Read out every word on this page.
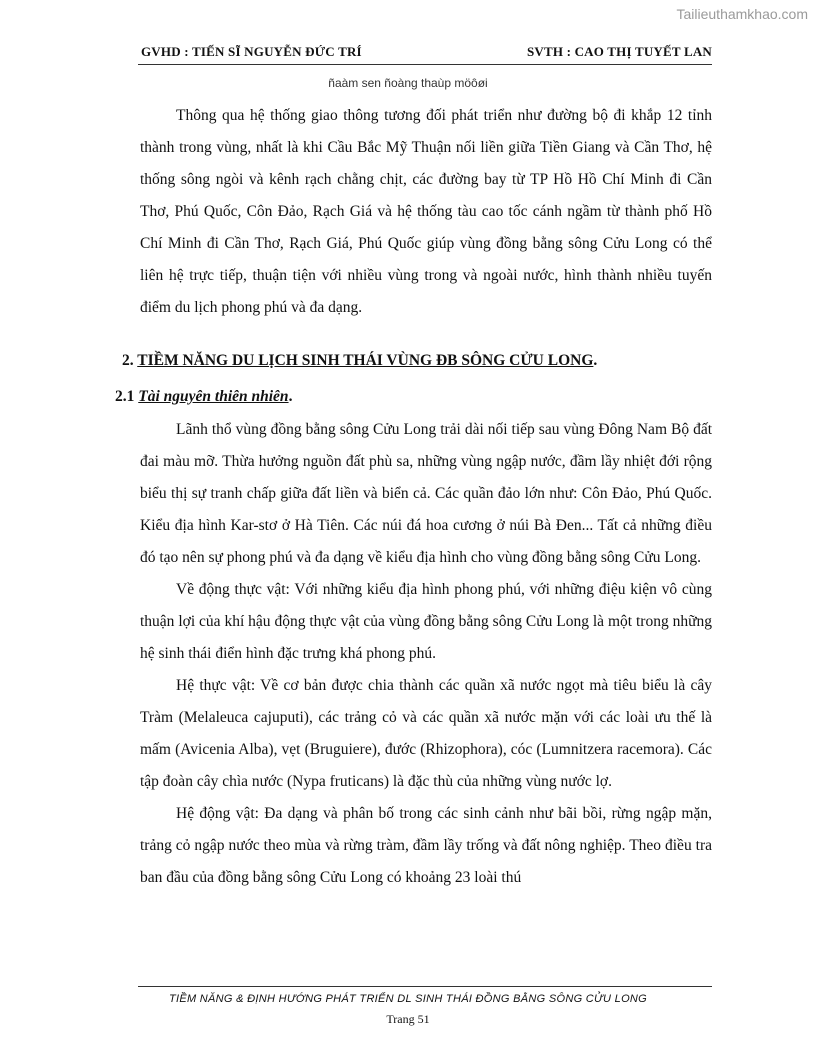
Tailieuthamkhao.com
GVHD : TIẾN SĨ NGUYỄN ĐỨC TRÍ	SVTH : CAO THỊ TUYẾT LAN
ñaàm sen ñoàng thaùp möôøi

Thông qua hệ thống giao thông tương đối phát triển như đường bộ đi khắp 12 tỉnh thành trong vùng, nhất là khi Cầu Bắc Mỹ Thuận nối liền giữa Tiền Giang và Cần Thơ, hệ thống sông ngòi và kênh rạch chằng chịt, các đường bay từ TP Hồ Hồ Chí Minh đi Cần Thơ, Phú Quốc, Côn Đảo, Rạch Giá và hệ thống tàu cao tốc cánh ngầm từ thành phố Hồ Chí Minh đi Cần Thơ, Rạch Giá, Phú Quốc giúp vùng đồng bằng sông Cửu Long có thể liên hệ trực tiếp, thuận tiện với nhiều vùng trong và ngoài nước, hình thành nhiều tuyến điểm du lịch phong phú và đa dạng.

2. TIỀM NĂNG DU LỊCH SINH THÁI VÙNG ĐB SÔNG CỬU LONG.
2.1 Tài nguyên thiên nhiên.

Lãnh thổ vùng đồng bằng sông Cửu Long trải dài nối tiếp sau vùng Đông Nam Bộ đất đai màu mỡ. Thừa hưởng nguồn đất phù sa, những vùng ngập nước, đầm lầy nhiệt đới rộng biểu thị sự tranh chấp giữa đất liền và biển cả. Các quần đảo lớn như: Côn Đảo, Phú Quốc. Kiểu địa hình Kar-stơ ở Hà Tiên. Các núi đá hoa cương ở núi Bà Đen... Tất cả những điều đó tạo nên sự phong phú và đa dạng về kiểu địa hình cho vùng đồng bằng sông Cửu Long.

Về động thực vật: Với những kiểu địa hình phong phú, với những điệu kiện vô cùng thuận lợi của khí hậu động thực vật của vùng đồng bằng sông Cửu Long là một trong những hệ sinh thái điển hình đặc trưng khá phong phú.

Hệ thực vật: Về cơ bản được chia thành các quần xã nước ngọt mà tiêu biểu là cây Tràm (Melaleuca cajuputi), các trảng cỏ và các quần xã nước mặn với các loài ưu thế là mấm (Avicenia Alba), vẹt (Bruguiere), đước (Rhizophora), cóc (Lumnitzera racemora). Các tập đoàn cây chìa nước (Nypa fruticans) là đặc thù của những vùng nước lợ.

Hệ động vật: Đa dạng và phân bố trong các sinh cảnh như bãi bồi, rừng ngập mặn, trảng cỏ ngập nước theo mùa và rừng tràm, đầm lầy trống và đất nông nghiệp. Theo điều tra ban đầu của đồng bằng sông Cửu Long có khoảng 23 loài thú

TIỀM NĂNG & ĐỊNH HƯỚNG PHÁT TRIỂN DL SINH THÁI ĐỒNG BẰNG SÔNG CỬU LONG
Trang 51
